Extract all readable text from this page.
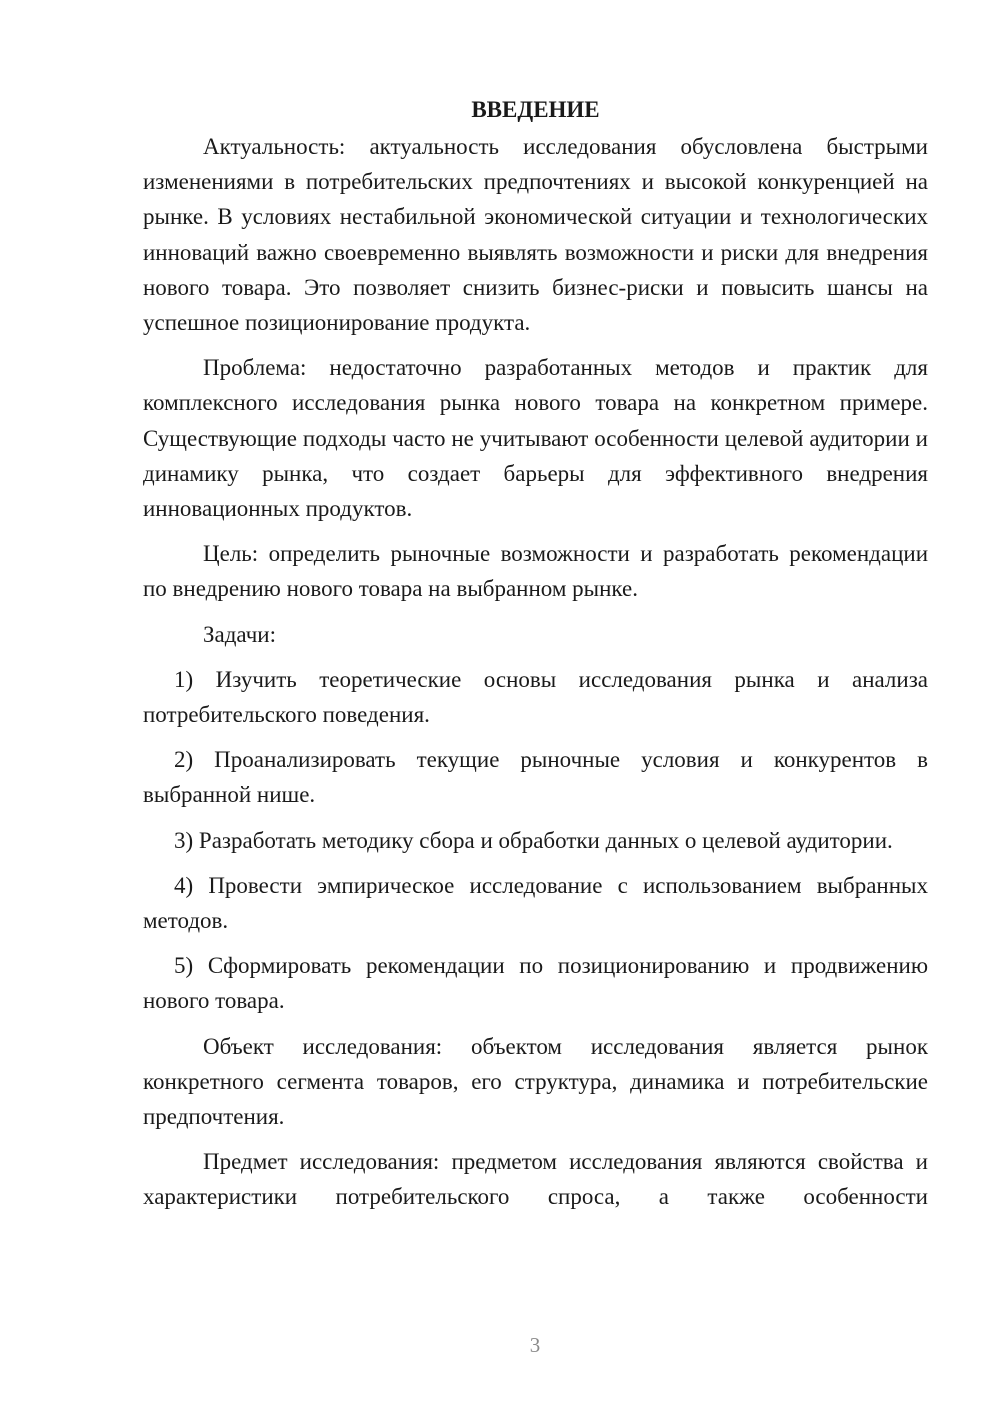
ВВЕДЕНИЕ

Актуальность: актуальность исследования обусловлена быстрыми изменениями в потребительских предпочтениях и высокой конкуренцией на рынке. В условиях нестабильной экономической ситуации и технологических инноваций важно своевременно выявлять возможности и риски для внедрения нового товара. Это позволяет снизить бизнес-риски и повысить шансы на успешное позиционирование продукта.

Проблема: недостаточно разработанных методов и практик для комплексного исследования рынка нового товара на конкретном примере. Существующие подходы часто не учитывают особенности целевой аудитории и динамику рынка, что создает барьеры для эффективного внедрения инновационных продуктов.

Цель: определить рыночные возможности и разработать рекомендации по внедрению нового товара на выбранном рынке.

Задачи:

1) Изучить теоретические основы исследования рынка и анализа потребительского поведения.

2) Проанализировать текущие рыночные условия и конкурентов в выбранной нише.

3) Разработать методику сбора и обработки данных о целевой аудитории.

4) Провести эмпирическое исследование с использованием выбранных методов.

5) Сформировать рекомендации по позиционированию и продвижению нового товара.

Объект исследования: объектом исследования является рынок конкретного сегмента товаров, его структура, динамика и потребительские предпочтения.

Предмет исследования: предметом исследования являются свойства и характеристики потребительского спроса, а также особенности

3
